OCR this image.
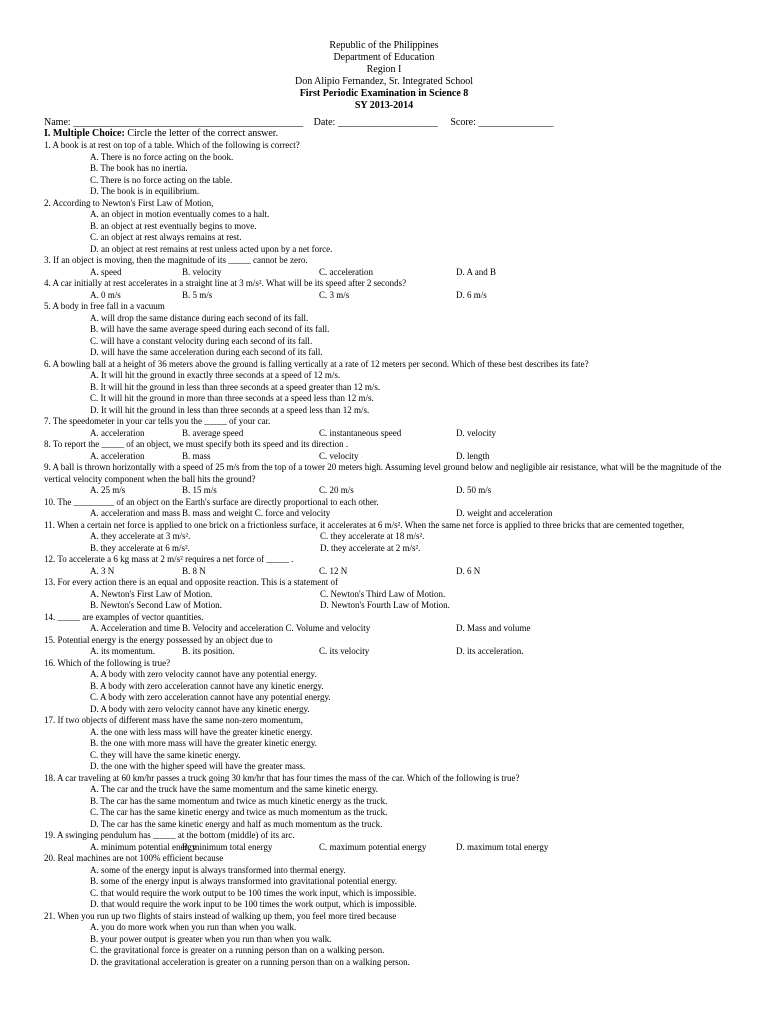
Republic of the Philippines
Department of Education
Region I
Don Alipio Fernandez, Sr. Integrated School
First Periodic Examination in Science 8
SY 2013-2014
Name: ______________________________________________ Date: ____________________ Score: _______________
I. Multiple Choice: Circle the letter of the correct answer.
1. A book is at rest on top of a table. Which of the following is correct?
A. There is no force acting on the book.
B. The book has no inertia.
C. There is no force acting on the table.
D. The book is in equilibrium.
2. According to Newton's First Law of Motion,
A. an object in motion eventually comes to a halt.
B. an object at rest eventually begins to move.
C. an object at rest always remains at rest.
D. an object at rest remains at rest unless acted upon by a net force.
3. If an object is moving, then the magnitude of its _____ cannot be zero.
A. speed	B. velocity	C. acceleration	D. A and B
4. A car initially at rest accelerates in a straight line at 3 m/s². What will be its speed after 2 seconds?
A. 0 m/s	B. 5 m/s	C. 3 m/s	D. 6 m/s
5. A body in free fall in a vacuum
A. will drop the same distance during each second of its fall.
B. will have the same average speed during each second of its fall.
C. will have a constant velocity during each second of its fall.
D. will have the same acceleration during each second of its fall.
6. A bowling ball at a height of 36 meters above the ground is falling vertically at a rate of 12 meters per second. Which of these best describes its fate?
A. It will hit the ground in exactly three seconds at a speed of 12 m/s.
B. It will hit the ground in less than three seconds at a speed greater than 12 m/s.
C. It will hit the ground in more than three seconds at a speed less than 12 m/s.
D. It will hit the ground in less than three seconds at a speed less than 12 m/s.
7. The speedometer in your car tells you the _____ of your car.
A. acceleration	B. average speed	C. instantaneous speed	D. velocity
8. To report the _____ of an object, we must specify both its speed and its direction .
A. acceleration	B. mass	C. velocity	D. length
9. A ball is thrown horizontally with a speed of 25 m/s from the top of a tower 20 meters high. Assuming level ground below and negligible air resistance, what will be the magnitude of the vertical velocity component when the ball hits the ground?
A. 25 m/s	B. 15 m/s	C. 20 m/s	D. 50 m/s
10. The _________ of an object on the Earth's surface are directly proportional to each other.
A. acceleration and mass B. mass and weight C. force and velocity	D. weight and acceleration
11. When a certain net force is applied to one brick on a frictionless surface, it accelerates at 6 m/s². When the same net force is applied to three bricks that are cemented together,
A. they accelerate at 3 m/s².	C. they accelerate at 18 m/s².
B. they accelerate at 6 m/s².	D. they accelerate at 2 m/s².
12. To accelerate a 6 kg mass at 2 m/s² requires a net force of _____ .
A. 3 N	B. 8 N	C. 12 N	D. 6 N
13. For every action there is an equal and opposite reaction. This is a statement of
A. Newton's First Law of Motion.	C. Newton's Third Law of Motion.
B. Newton's Second Law of Motion.	D. Newton's Fourth Law of Motion.
14. _____ are examples of vector quantities.
A. Acceleration and time B. Velocity and acceleration C. Volume and velocity	D. Mass and volume
15. Potential energy is the energy possessed by an object due to
A. its momentum.	B. its position.	C. its velocity	D. its acceleration.
16. Which of the following is true?
A. A body with zero velocity cannot have any potential energy.
B. A body with zero acceleration cannot have any kinetic energy.
C. A body with zero acceleration cannot have any potential energy.
D. A body with zero velocity cannot have any kinetic energy.
17. If two objects of different mass have the same non-zero momentum,
A. the one with less mass will have the greater kinetic energy.
B. the one with more mass will have the greater kinetic energy.
C. they will have the same kinetic energy.
D. the one with the higher speed will have the greater mass.
18. A car traveling at 60 km/hr passes a truck going 30 km/hr that has four times the mass of the car. Which of the following is true?
A. The car and the truck have the same momentum and the same kinetic energy.
B. The car has the same momentum and twice as much kinetic energy as the truck.
C. The car has the same kinetic energy and twice as much momentum as the truck.
D. The car has the same kinetic energy and half as much momentum as the truck.
19. A swinging pendulum has _____ at the bottom (middle) of its arc.
A. minimum potential energy
B. minimum total energy	C. maximum potential energy	D. maximum total energy
20. Real machines are not 100% efficient because
A. some of the energy input is always transformed into thermal energy.
B. some of the energy input is always transformed into gravitational potential energy.
C. that would require the work output to be 100 times the work input, which is impossible.
D. that would require the work input to be 100 times the work output, which is impossible.
21. When you run up two flights of stairs instead of walking up them, you feel more tired because
A. you do more work when you run than when you walk.
B. your power output is greater when you run than when you walk.
C. the gravitational force is greater on a running person than on a walking person.
D. the gravitational acceleration is greater on a running person than on a walking person.
